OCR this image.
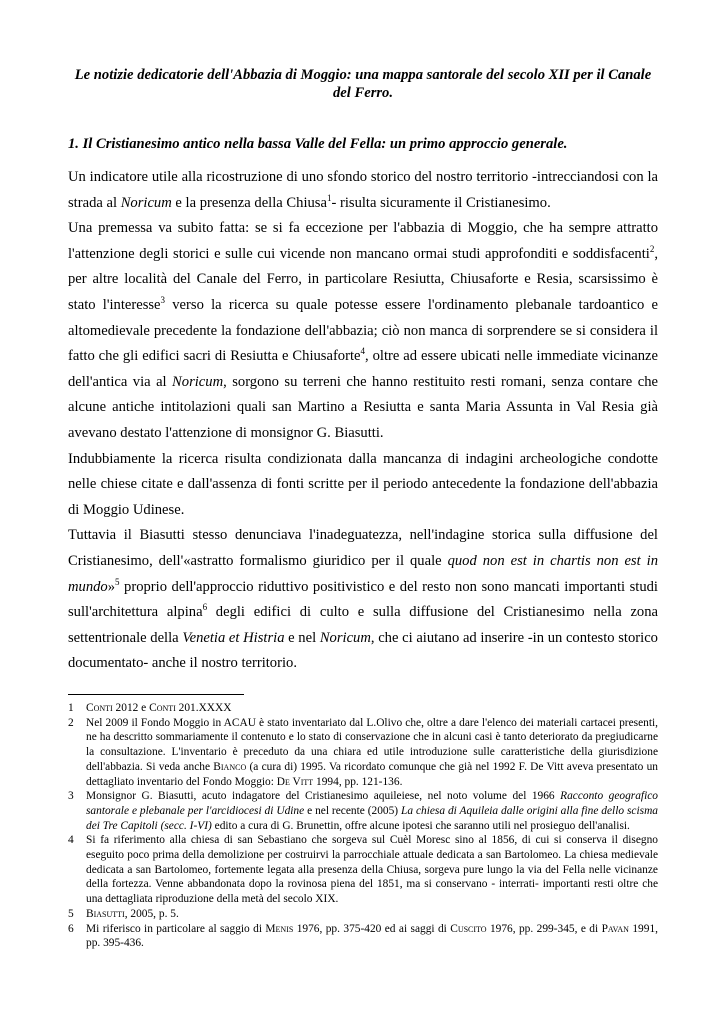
Le notizie dedicatorie dell'Abbazia di Moggio: una mappa santorale del secolo XII per il Canale del Ferro.
1. Il Cristianesimo antico nella bassa Valle del Fella: un primo approccio generale.

Un indicatore utile alla ricostruzione di uno sfondo storico del nostro territorio -intrecciandosi con la strada al Noricum e la presenza della Chiusa$^1$- risulta sicuramente il Cristianesimo.

Una premessa va subito fatta: se si fa eccezione per l'abbazia di Moggio, che ha sempre attratto l'attenzione degli storici e sulle cui vicende non mancano ormai studi approfonditi e soddisfacenti$^2$, per altre località del Canale del Ferro, in particolare Resiutta, Chiusaforte e Resia, scarsissimo è stato l'interesse$^3$ verso la ricerca su quale potesse essere l'ordinamento plebanale tardoantico e altomedievale precedente la fondazione dell'abbazia; ciò non manca di sorprendere se si considera il fatto che gli edifici sacri di Resiutta e Chiusaforte$^4$, oltre ad essere ubicati nelle immediate vicinanze dell'antica via al Noricum, sorgono su terreni che hanno restituito resti romani, senza contare che alcune antiche intitolazioni quali san Martino a Resiutta e santa Maria Assunta in Val Resia già avevano destato l'attenzione di monsignor G. Biasutti.

Indubbiamente la ricerca risulta condizionata dalla mancanza di indagini archeologiche condotte nelle chiese citate e dall'assenza di fonti scritte per il periodo antecedente la fondazione dell'abbazia di Moggio Udinese.

Tuttavia il Biasutti stesso denunciava l'inadeguatezza, nell'indagine storica sulla diffusione del Cristianesimo, dell'«astratto formalismo giuridico per il quale quod non est in chartis non est in mundo»$^5$ proprio dell'approccio riduttivo positivistico e del resto non sono mancati importanti studi sull'architettura alpina$^6$ degli edifici di culto e sulla diffusione del Cristianesimo nella zona settentrionale della Venetia et Histria e nel Noricum, che ci aiutano ad inserire -in un contesto storico documentato- anche il nostro territorio.

1	Conti 2012 e Conti 201.XXXX
2	Nel 2009 il Fondo Moggio in ACAU è stato inventariato dal L.Olivo che, oltre a dare l'elenco dei materiali cartacei presenti, ne ha descritto sommariamente il contenuto e lo stato di conservazione che in alcuni casi è tanto deteriorato da pregiudicarne la consultazione. L'inventario è preceduto da una chiara ed utile introduzione sulle caratteristiche della giurisdizione dell'abbazia. Si veda anche Bianco (a cura di) 1995. Va ricordato comunque che già nel 1992 F. De Vitt aveva presentato un dettagliato inventario del Fondo Moggio: De Vitt 1994, pp. 121-136.
3	Monsignor G. Biasutti, acuto indagatore del Cristianesimo aquileiese, nel noto volume del 1966 Racconto geografico santorale e plebanale per l'arcidiocesi di Udine e nel recente (2005) La chiesa di Aquileia dalle origini alla fine dello scisma dei Tre Capitoli (secc. I-VI) edito a cura di G. Brunettin, offre alcune ipotesi che saranno utili nel prosieguo dell'analisi.
4	Si fa riferimento alla chiesa di san Sebastiano che sorgeva sul Cuèl Moresc sino al 1856, di cui si conserva il disegno eseguito poco prima della demolizione per costruirvi la parrocchiale attuale dedicata a san Bartolomeo. La chiesa medievale dedicata a san Bartolomeo, fortemente legata alla presenza della Chiusa, sorgeva pure lungo la via del Fella nelle vicinanze della fortezza. Venne abbandonata dopo la rovinosa piena del 1851, ma si conservano - interrati- importanti resti oltre che una dettagliata riproduzione della metà del secolo XIX.
5	Biasutti, 2005, p. 5.
6	Mi riferisco in particolare al saggio di Menis 1976, pp. 375-420 ed ai saggi di Cuscito 1976, pp. 299-345, e di Pavan 1991, pp. 395-436.
